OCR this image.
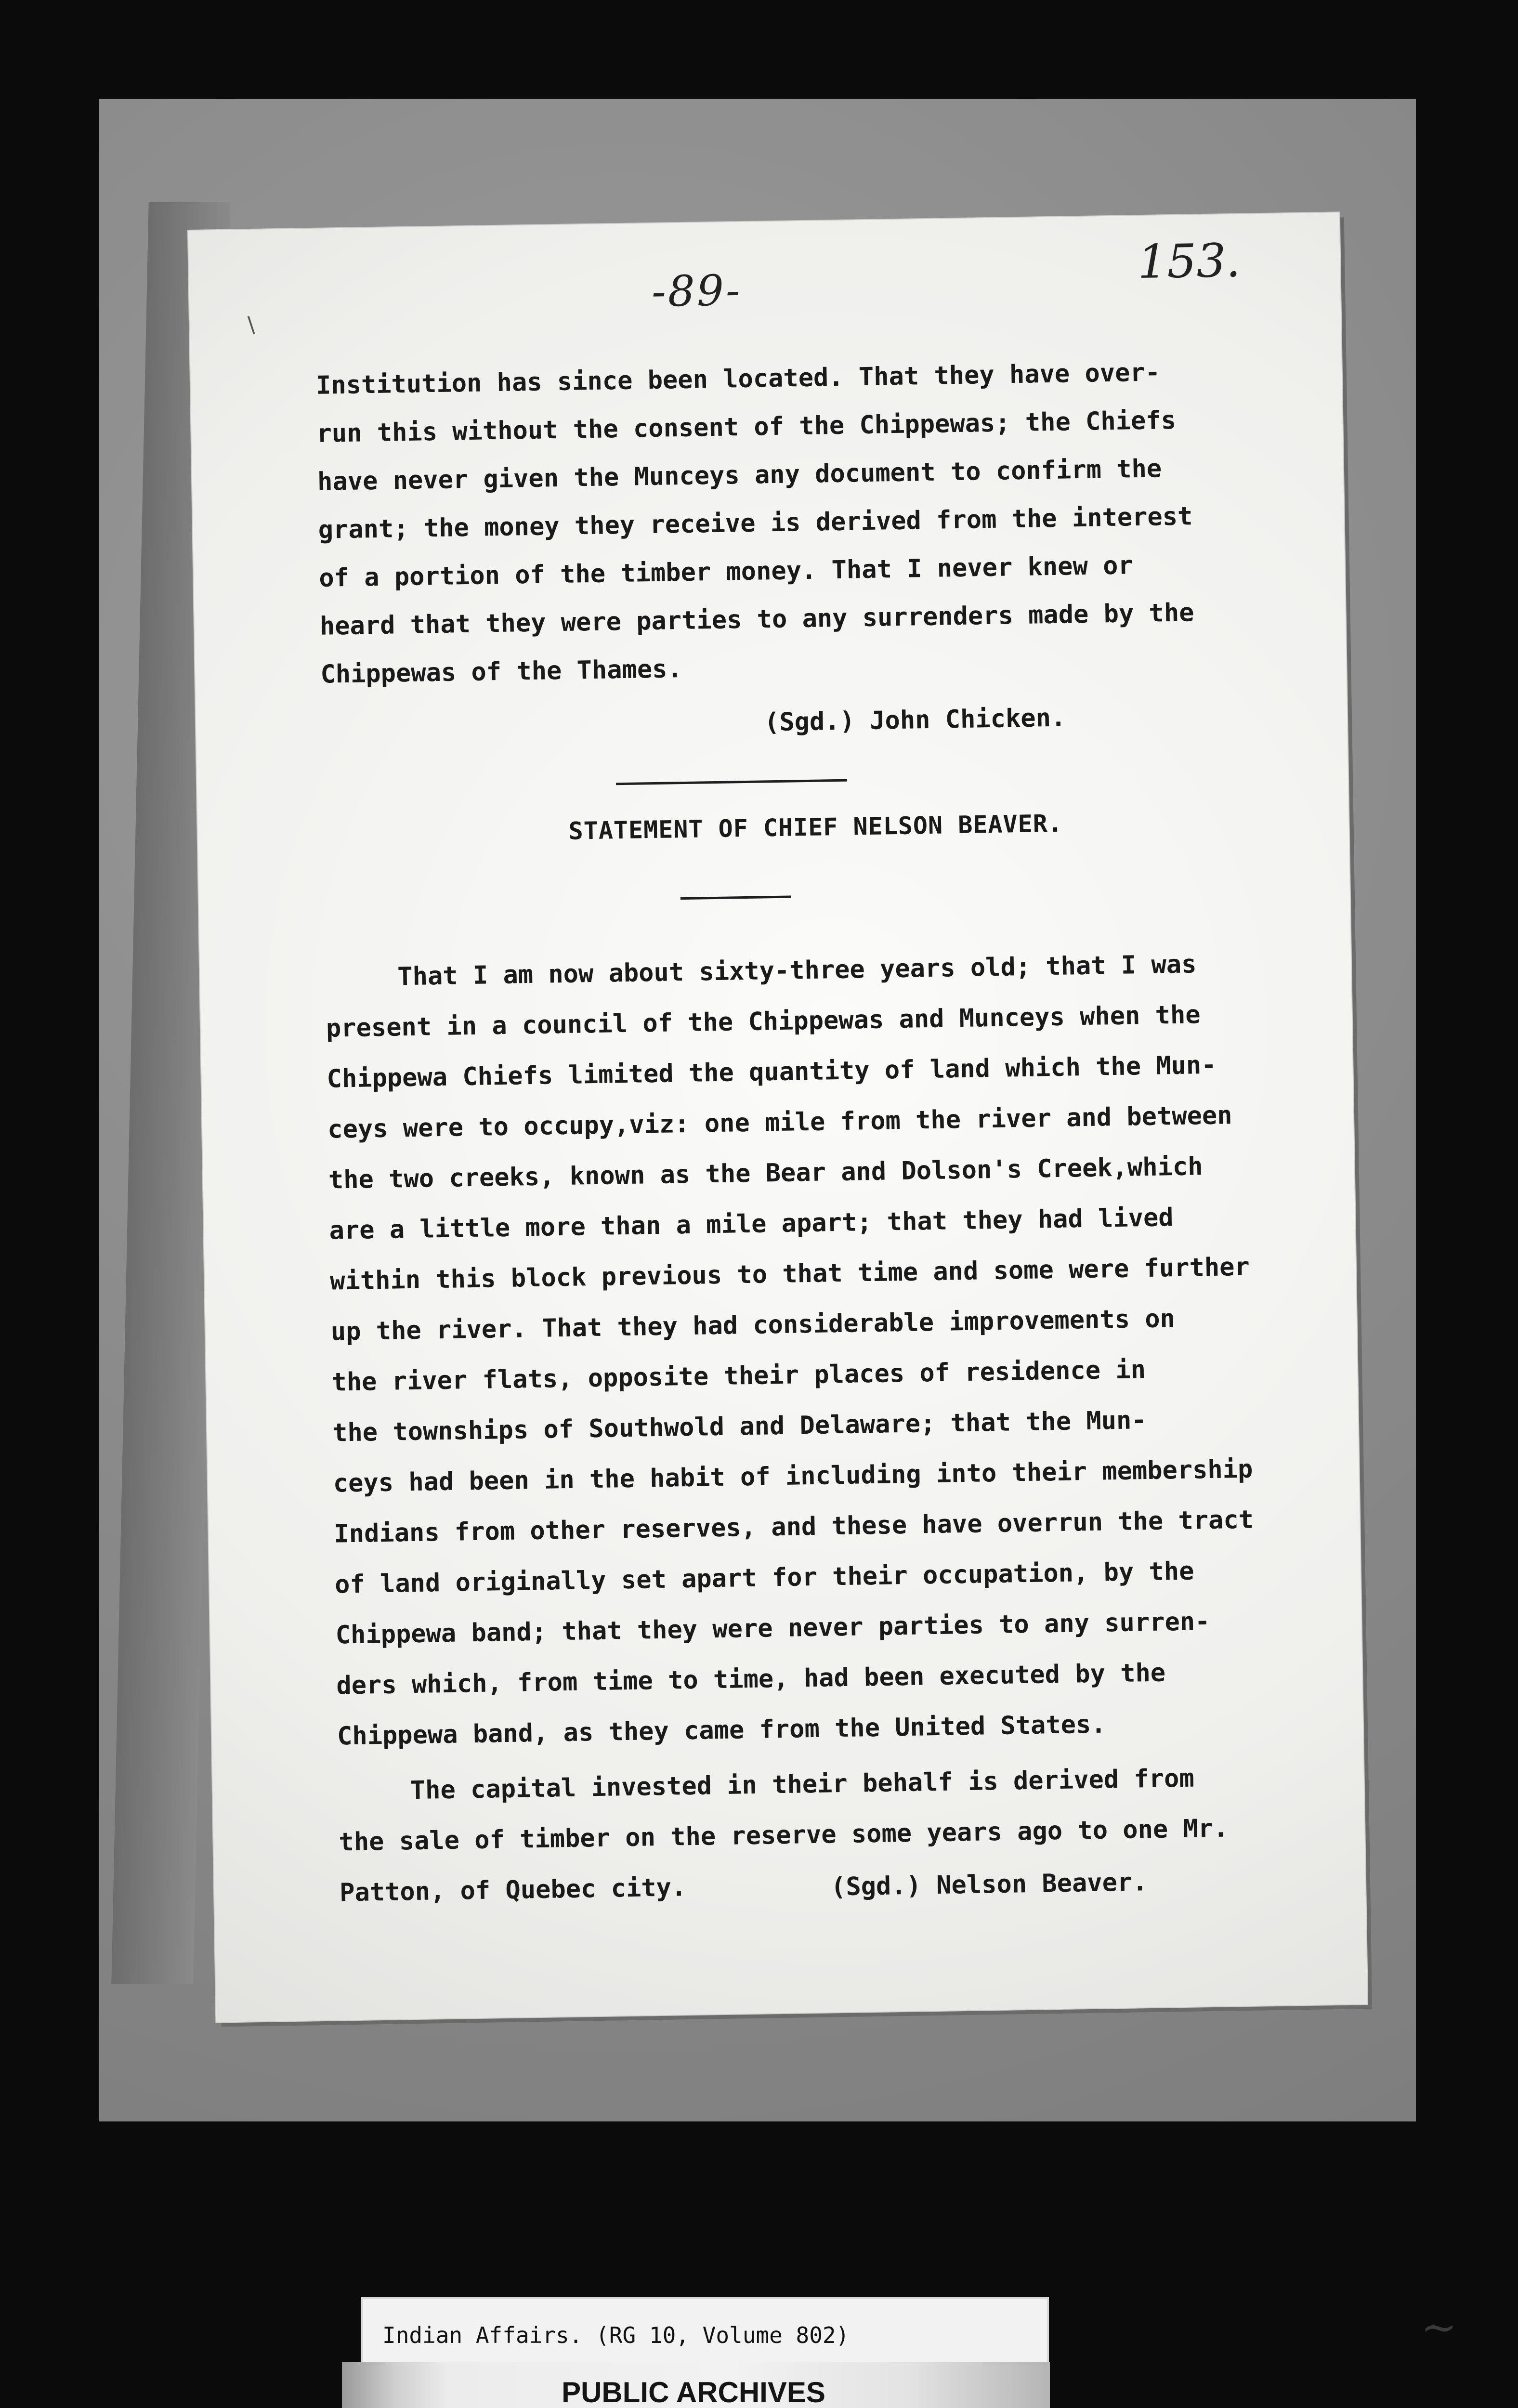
\
-89-
153.
Institution has since been located. That they have over-
run this without the consent of the Chippewas; the Chiefs
have never given the Munceys any document to confirm the
grant; the money they receive is derived from the interest
of a portion of the timber money. That I never knew or
heard that they were parties to any surrenders made by the
Chippewas of the Thames.
(Sgd.) John Chicken.
STATEMENT OF CHIEF NELSON BEAVER.
That I am now about sixty-three years old; that I was
present in a council of the Chippewas and Munceys when the
Chippewa Chiefs limited the quantity of land which the Mun-
ceys were to occupy,viz: one mile from the river and between
the two creeks, known as the Bear and Dolson's Creek,which
are a little more than a mile apart; that they had lived
within this block previous to that time and some were further
up the river. That they had considerable improvements on
the river flats, opposite their places of residence in
the townships of Southwold and Delaware; that the Mun-
ceys had been in the habit of including into their membership
Indians from other reserves, and these have overrun the tract
of land originally set apart for their occupation, by the
Chippewa band; that they were never parties to any surren-
ders which, from time to time, had been executed by the
Chippewa band, as they came from the United States.
The capital invested in their behalf is derived from
the sale of timber on the reserve some years ago to one Mr.
Patton, of Quebec city.	(Sgd.) Nelson Beaver.
Indian Affairs. (RG 10, Volume 802)
PUBLIC ARCHIVES
~
